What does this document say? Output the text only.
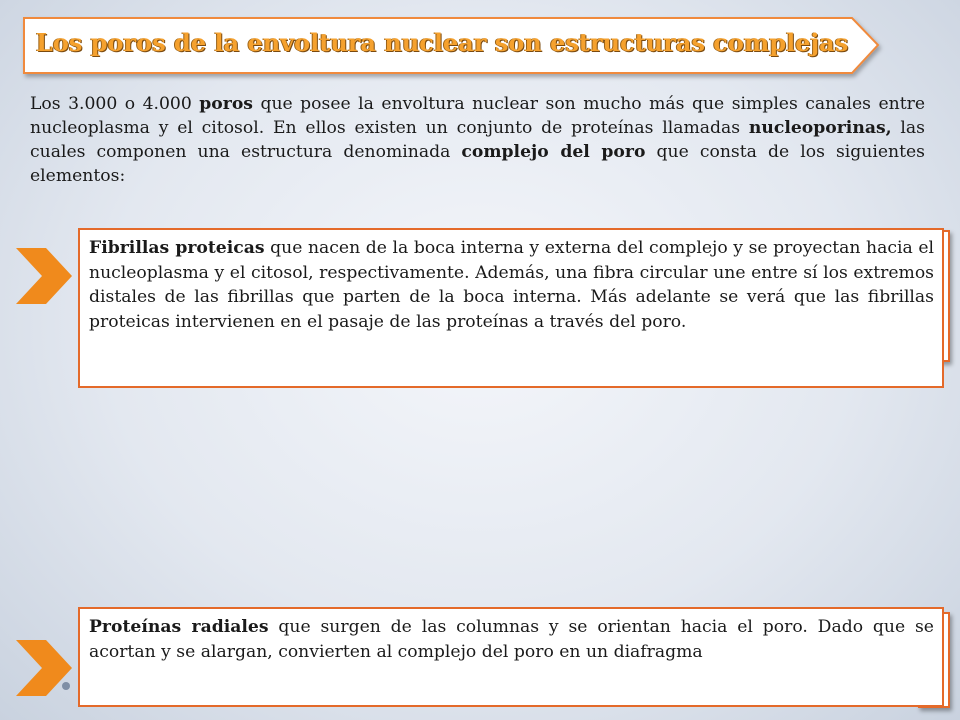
Los poros de la envoltura nuclear son estructuras complejas
Los 3.000 o 4.000 poros que posee la envoltura nuclear son mucho más que simples canales entre nucleoplasma y el citosol. En ellos existen un conjunto de proteínas llamadas nucleoporinas, las cuales componen una estructura denominada complejo del poro que consta de los siguientes elementos:
Fibrillas proteicas que nacen de la boca interna y externa del complejo y se proyectan hacia el nucleoplasma y el citosol, respectivamente. Además, una fibra circular une entre sí los extremos distales de las fibrillas que parten de la boca interna. Más adelante se verá que las fibrillas proteicas intervienen en el pasaje de las proteínas a través del poro.
Proteínas radiales que surgen de las columnas y se orientan hacia el poro. Dado que se acortan y se alargan, convierten al complejo del poro en un diafragma
